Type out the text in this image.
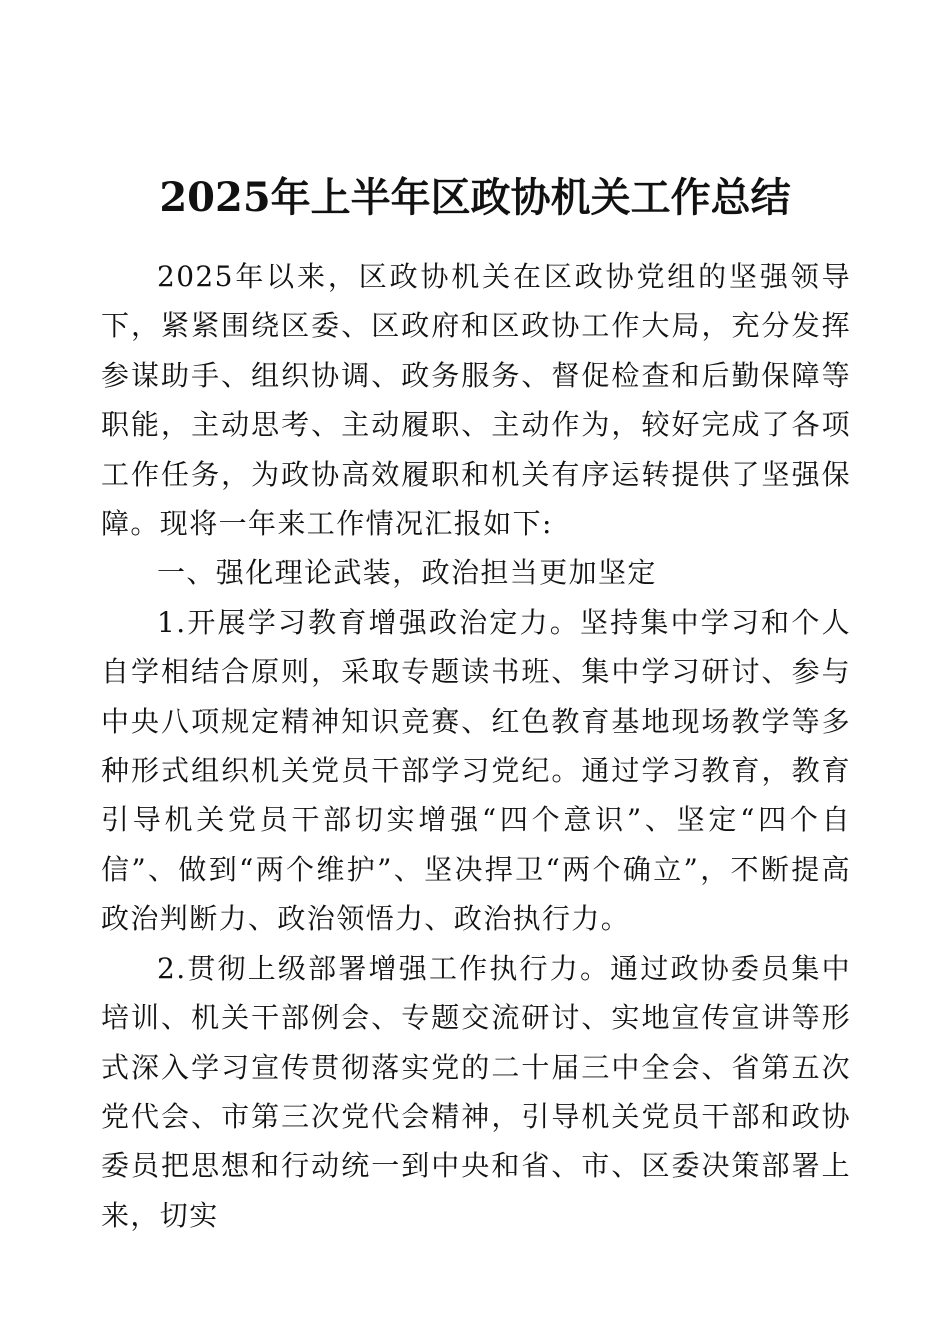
2025年上半年区政协机关工作总结

2025年以来，区政协机关在区政协党组的坚强领导下，紧紧围绕区委、区政府和区政协工作大局，充分发挥参谋助手、组织协调、政务服务、督促检查和后勤保障等职能，主动思考、主动履职、主动作为，较好完成了各项工作任务，为政协高效履职和机关有序运转提供了坚强保障。现将一年来工作情况汇报如下:

一、强化理论武装，政治担当更加坚定

1.开展学习教育增强政治定力。坚持集中学习和个人自学相结合原则，采取专题读书班、集中学习研讨、参与中央八项规定精神知识竞赛、红色教育基地现场教学等多种形式组织机关党员干部学习党纪。通过学习教育，教育引导机关党员干部切实增强“四个意识”、坚定“四个自信”、做到“两个维护”、坚决捍卫“两个确立”，不断提高政治判断力、政治领悟力、政治执行力。

2.贯彻上级部署增强工作执行力。通过政协委员集中培训、机关干部例会、专题交流研讨、实地宣传宣讲等形式深入学习宣传贯彻落实党的二十届三中全会、省第五次党代会、市第三次党代会精神，引导机关党员干部和政协委员把思想和行动统一到中央和省、市、区委决策部署上来，切实
